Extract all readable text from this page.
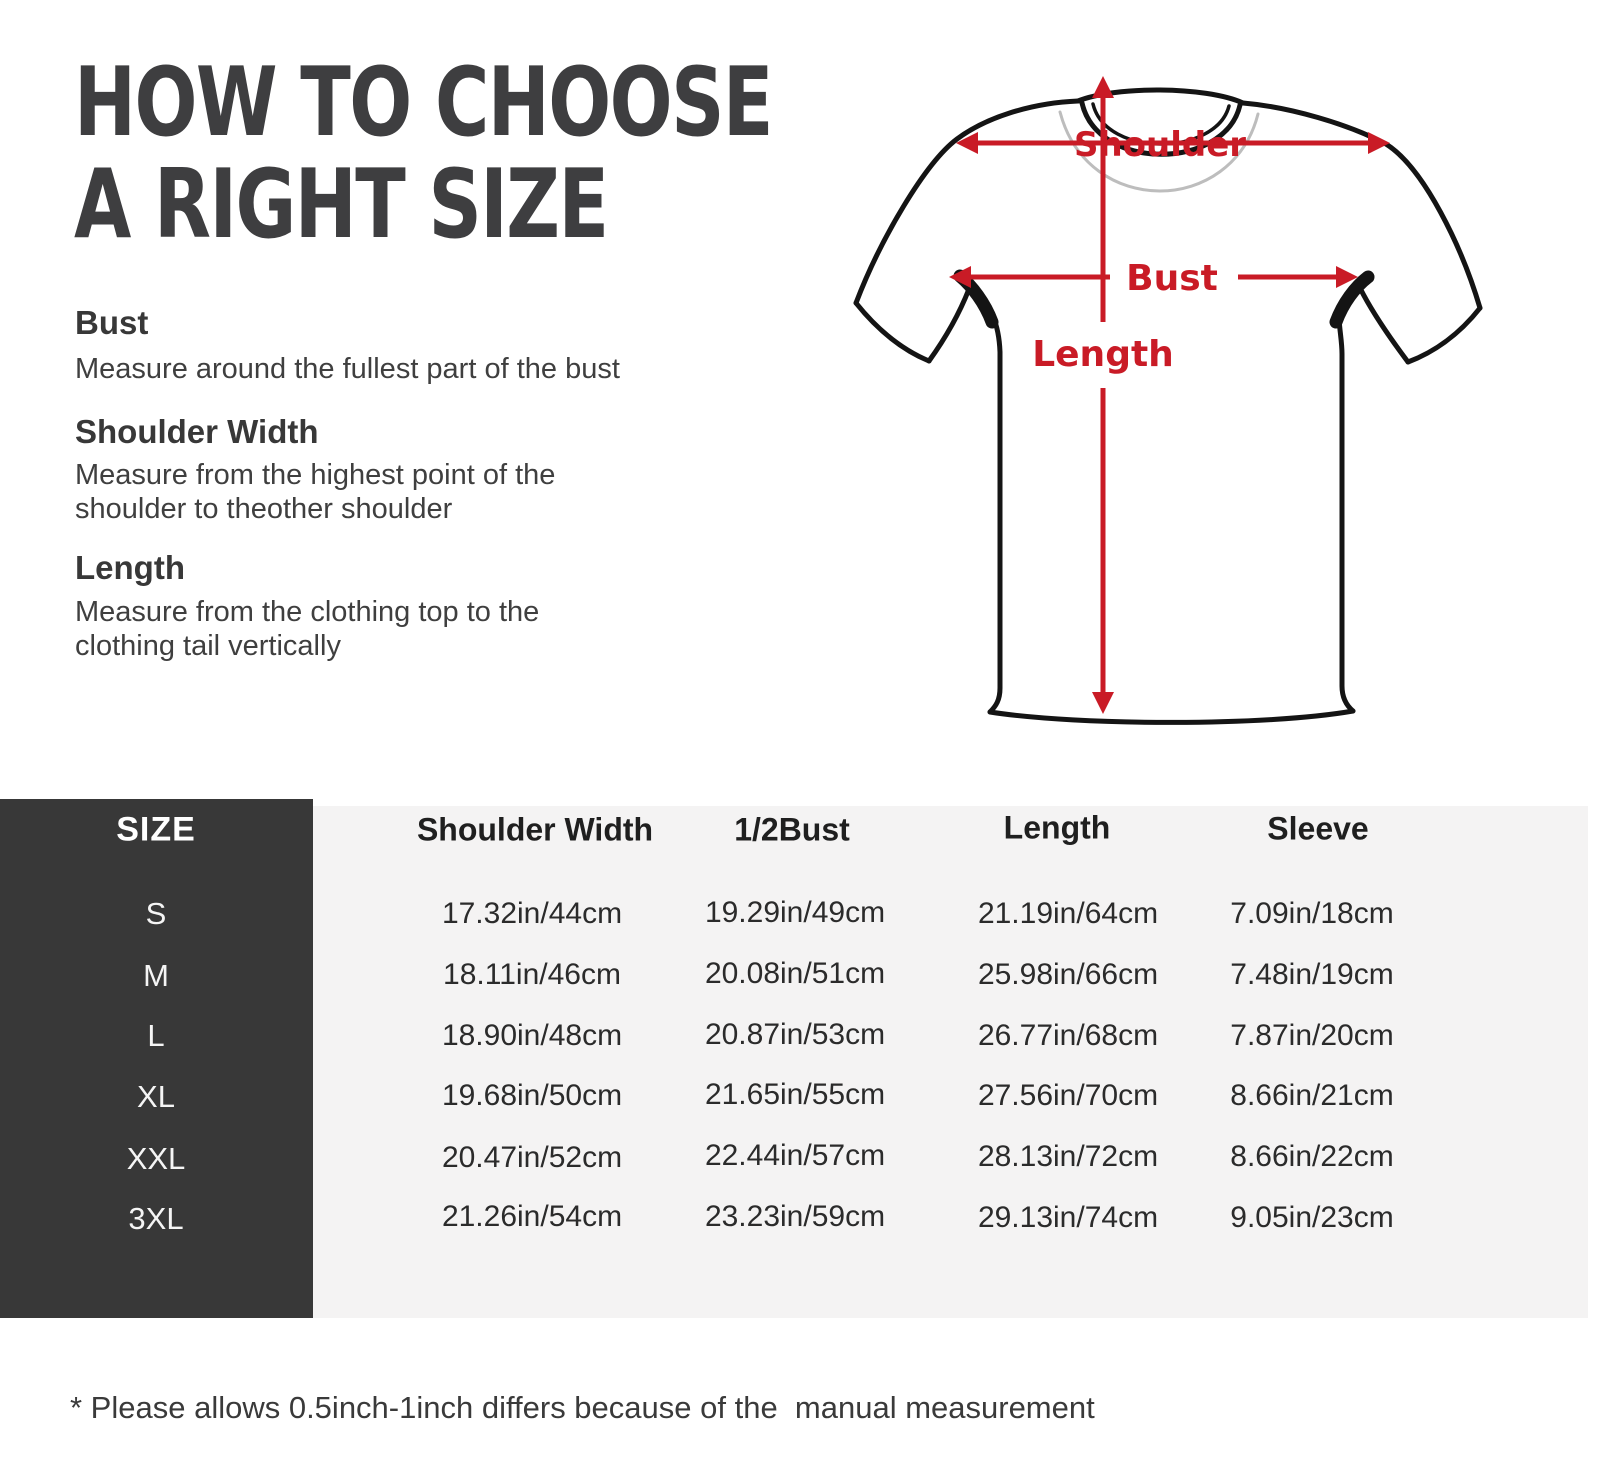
HOW TO CHOOSE
A RIGHT SIZE
Bust
Measure around the fullest part of the bust
Shoulder Width
Measure from the highest point of the
shoulder to theother shoulder
Length
Measure from the clothing top to the
clothing tail vertically
Shoulder
Bust
Length
SIZE	Shoulder Width	1/2Bust	Length	Sleeve
S	17.32in/44cm	19.29in/49cm	21.19in/64cm 7.09in/18cm
M	18.11in/46cm	20.08in/51cm	25.98in/66cm 7.48in/19cm
L	18.90in/48cm	20.87in/53cm	26.77in/68cm 7.87in/20cm
XL	19.68in/50cm	21.65in/55cm	27.56in/70cm 8.66in/21cm
XXL	20.47in/52cm	22.44in/57cm	28.13in/72cm 8.66in/22cm
3XL	21.26in/54cm	23.23in/59cm	29.13in/74cm 9.05in/23cm
* Please allows 0.5inch-1inch differs because of the  manual measurement
